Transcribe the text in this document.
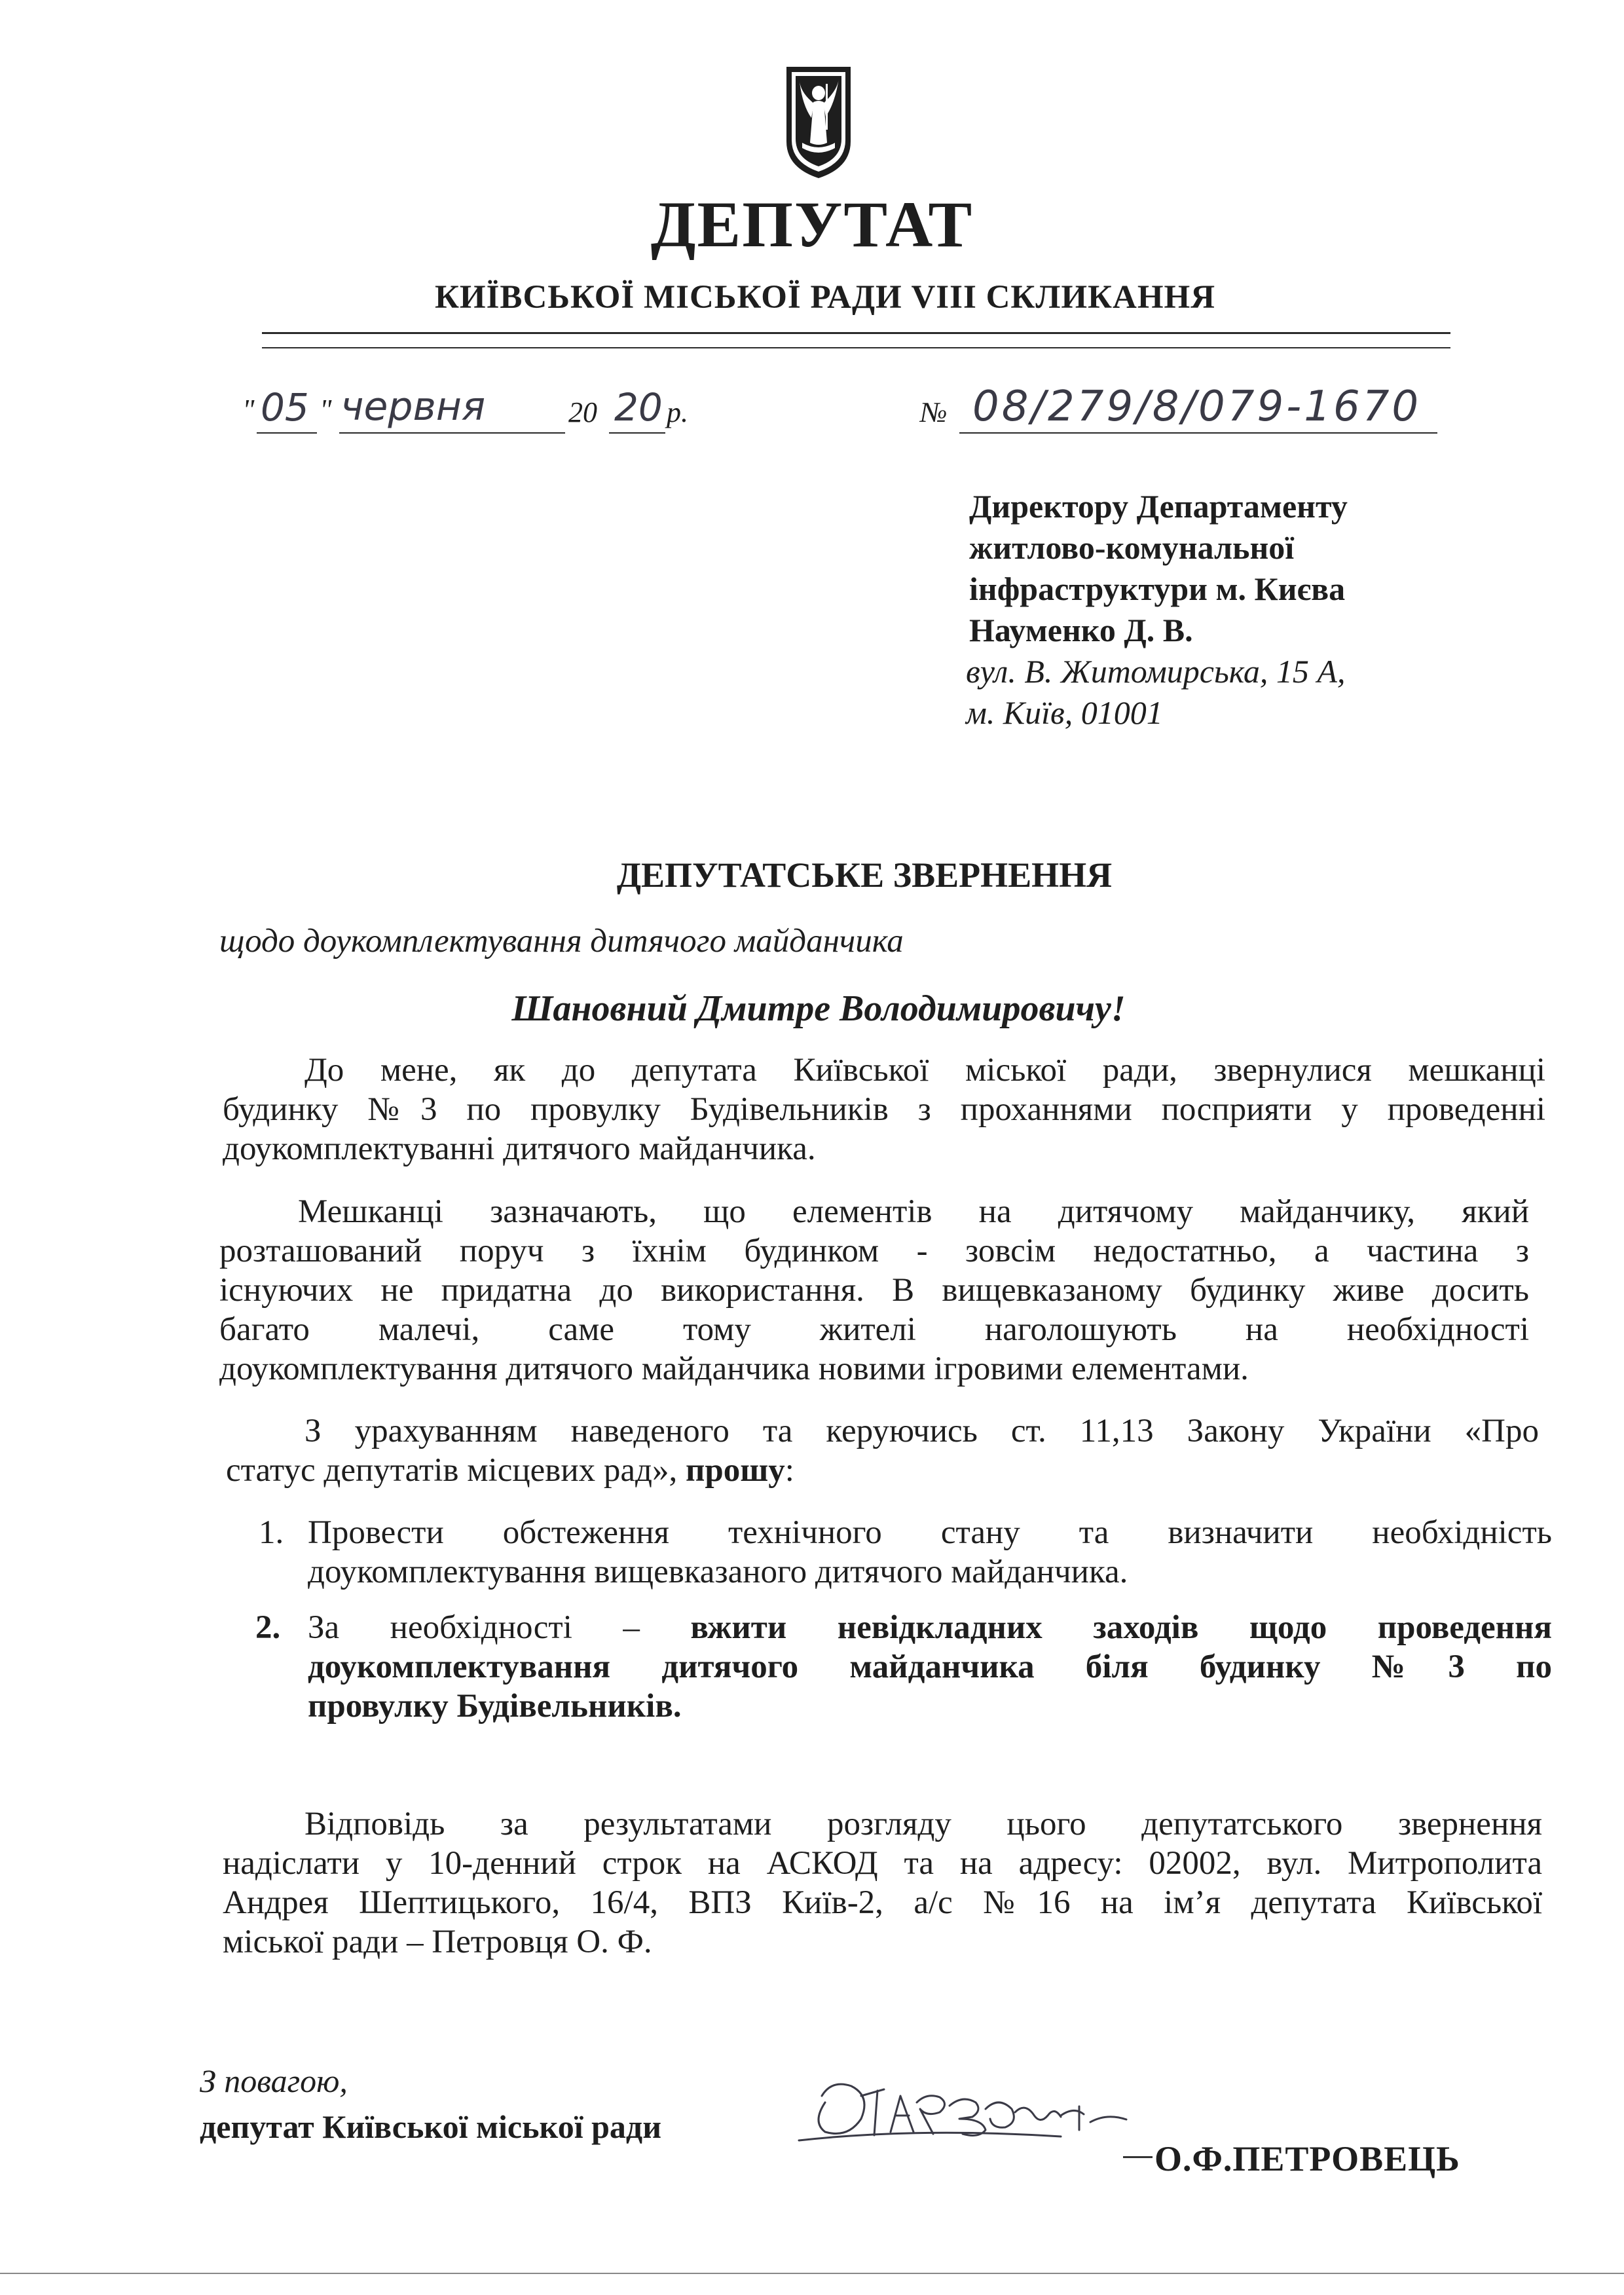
ДЕПУТАТ
КИЇВСЬКОЇ МІСЬКОЇ РАДИ VIII СКЛИКАННЯ
" 05 " червня	20 20 р.	№ 08/279/8/079-1670
Директору Департаменту
житлово-комунальної
інфраструктури м. Києва
Науменко Д. В.
вул. В. Житомирська, 15 А,
м. Київ, 01001
ДЕПУТАТСЬКЕ ЗВЕРНЕННЯ
щодо доукомплектування дитячого майданчика
Шановний Дмитре Володимировичу!
До мене, як до депутата Київської міської ради, звернулися мешканці
будинку №3 по провулку Будівельників з проханнями посприяти у проведенні
доукомплектуванні дитячого майданчика.
Мешканці зазначають, що елементів на дитячому майданчику, який
розташований поруч з їхнім будинком - зовсім недостатньо, а частина з
існуючих не придатна до використання. В вищевказаному будинку живе досить
багато малечі, саме тому жителі наголошують на необхідності
доукомплектування дитячого майданчика новими ігровими елементами.
З урахуванням наведеного та керуючись ст. 11,13 Закону України «Про
статус депутатів місцевих рад», прошу:
1. Провести обстеження технічного стану та визначити необхідність
доукомплектування вищевказаного дитячого майданчика.
2. За необхідності – вжити невідкладних заходів щодо проведення
доукомплектування дитячого майданчика біля будинку №3 по
провулку Будівельників.
Відповідь за результатами розгляду цього депутатського звернення
надіслати у 10-денний строк на АСКОД та на адресу: 02002, вул. Митрополита
Андрея Шептицького, 16/4, ВПЗ Київ-2, а/с №16 на ім’я депутата Київської
міської ради – Петровця О. Ф.
З повагою,
депутат Київської міської ради
О.Ф.ПЕТРОВЕЦЬ
